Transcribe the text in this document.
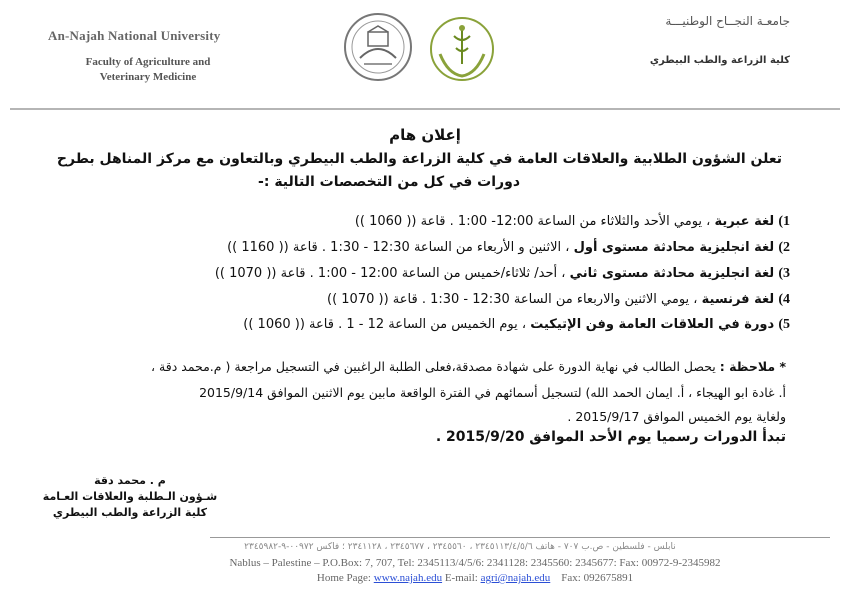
An-Najah National University
Faculty of Agriculture and
Veterinary Medicine
جامعـة النجــاح الوطنيـــة
كلية الزراعة والطب البيطري
إعلان هام
تعلن الشؤون الطلابية والعلاقات العامة في كلية الزراعة والطب البيطري وبالتعاون مع مركز المناهل بطرح
دورات في كل من التخصصات التالية :-
1) لغة عبرية ، يومي الأحد والثلاثاء من الساعة 12:00- 1:00 . قاعة (( 1060 ))
2) لغة انجليزية محادثة مستوى أول ، الاثنين و الأربعاء من الساعة 12:30 - 1:30 . قاعة (( 1160 ))
3) لغة انجليزية محادثة مستوى ثاني ، أحد/ ثلاثاء/خميس من الساعة 12:00 - 1:00 . قاعة (( 1070 ))
4) لغة فرنسية ، يومي الاثنين والاربعاء من الساعة 12:30 - 1:30 . قاعة (( 1070 ))
5) دورة في العلاقات العامة وفن الإتيكيت ، يوم الخميس من الساعة 12 - 1 . قاعة (( 1060 ))
* ملاحظة : يحصل الطالب في نهاية الدورة على شهادة مصدقة،فعلى الطلبة الراغبين في التسجيل مراجعة ( م.محمد دقة ،
أ. غادة ابو الهيجاء ، أ. ايمان الحمد الله) لتسجيل أسمائهم في الفترة الواقعة مابين يوم الاثنين الموافق 2015/9/14
ولغاية يوم الخميس الموافق 2015/9/17 .
تبدأ الدورات رسميا يوم الأحد الموافق 2015/9/20 .
م . محمد دقة
شـؤون الـطلبة والعلاقات العـامة
كلية الزراعة والطب البيطري
نابلس - فلسطين - ص.ب ٧٠٧ - هاتف ٢٣٤٥١١٣/٤/٥/٦ ، ٢٣٤٥٥٦٠ ، ٢٣٤٥٦٧٧ ، ٢٣٤١١٢٨ ؛ فاكس ٠٠٩٧٢-٩-٢٣٤٥٩٨٢
Nablus – Palestine – P.O.Box: 7, 707, Tel: 2345113/4/5/6: 2341128: 2345560: 2345677: Fax: 00972-9-2345982
Home Page: www.najah.edu E-mail: agri@najah.edu Fax: 092675891
